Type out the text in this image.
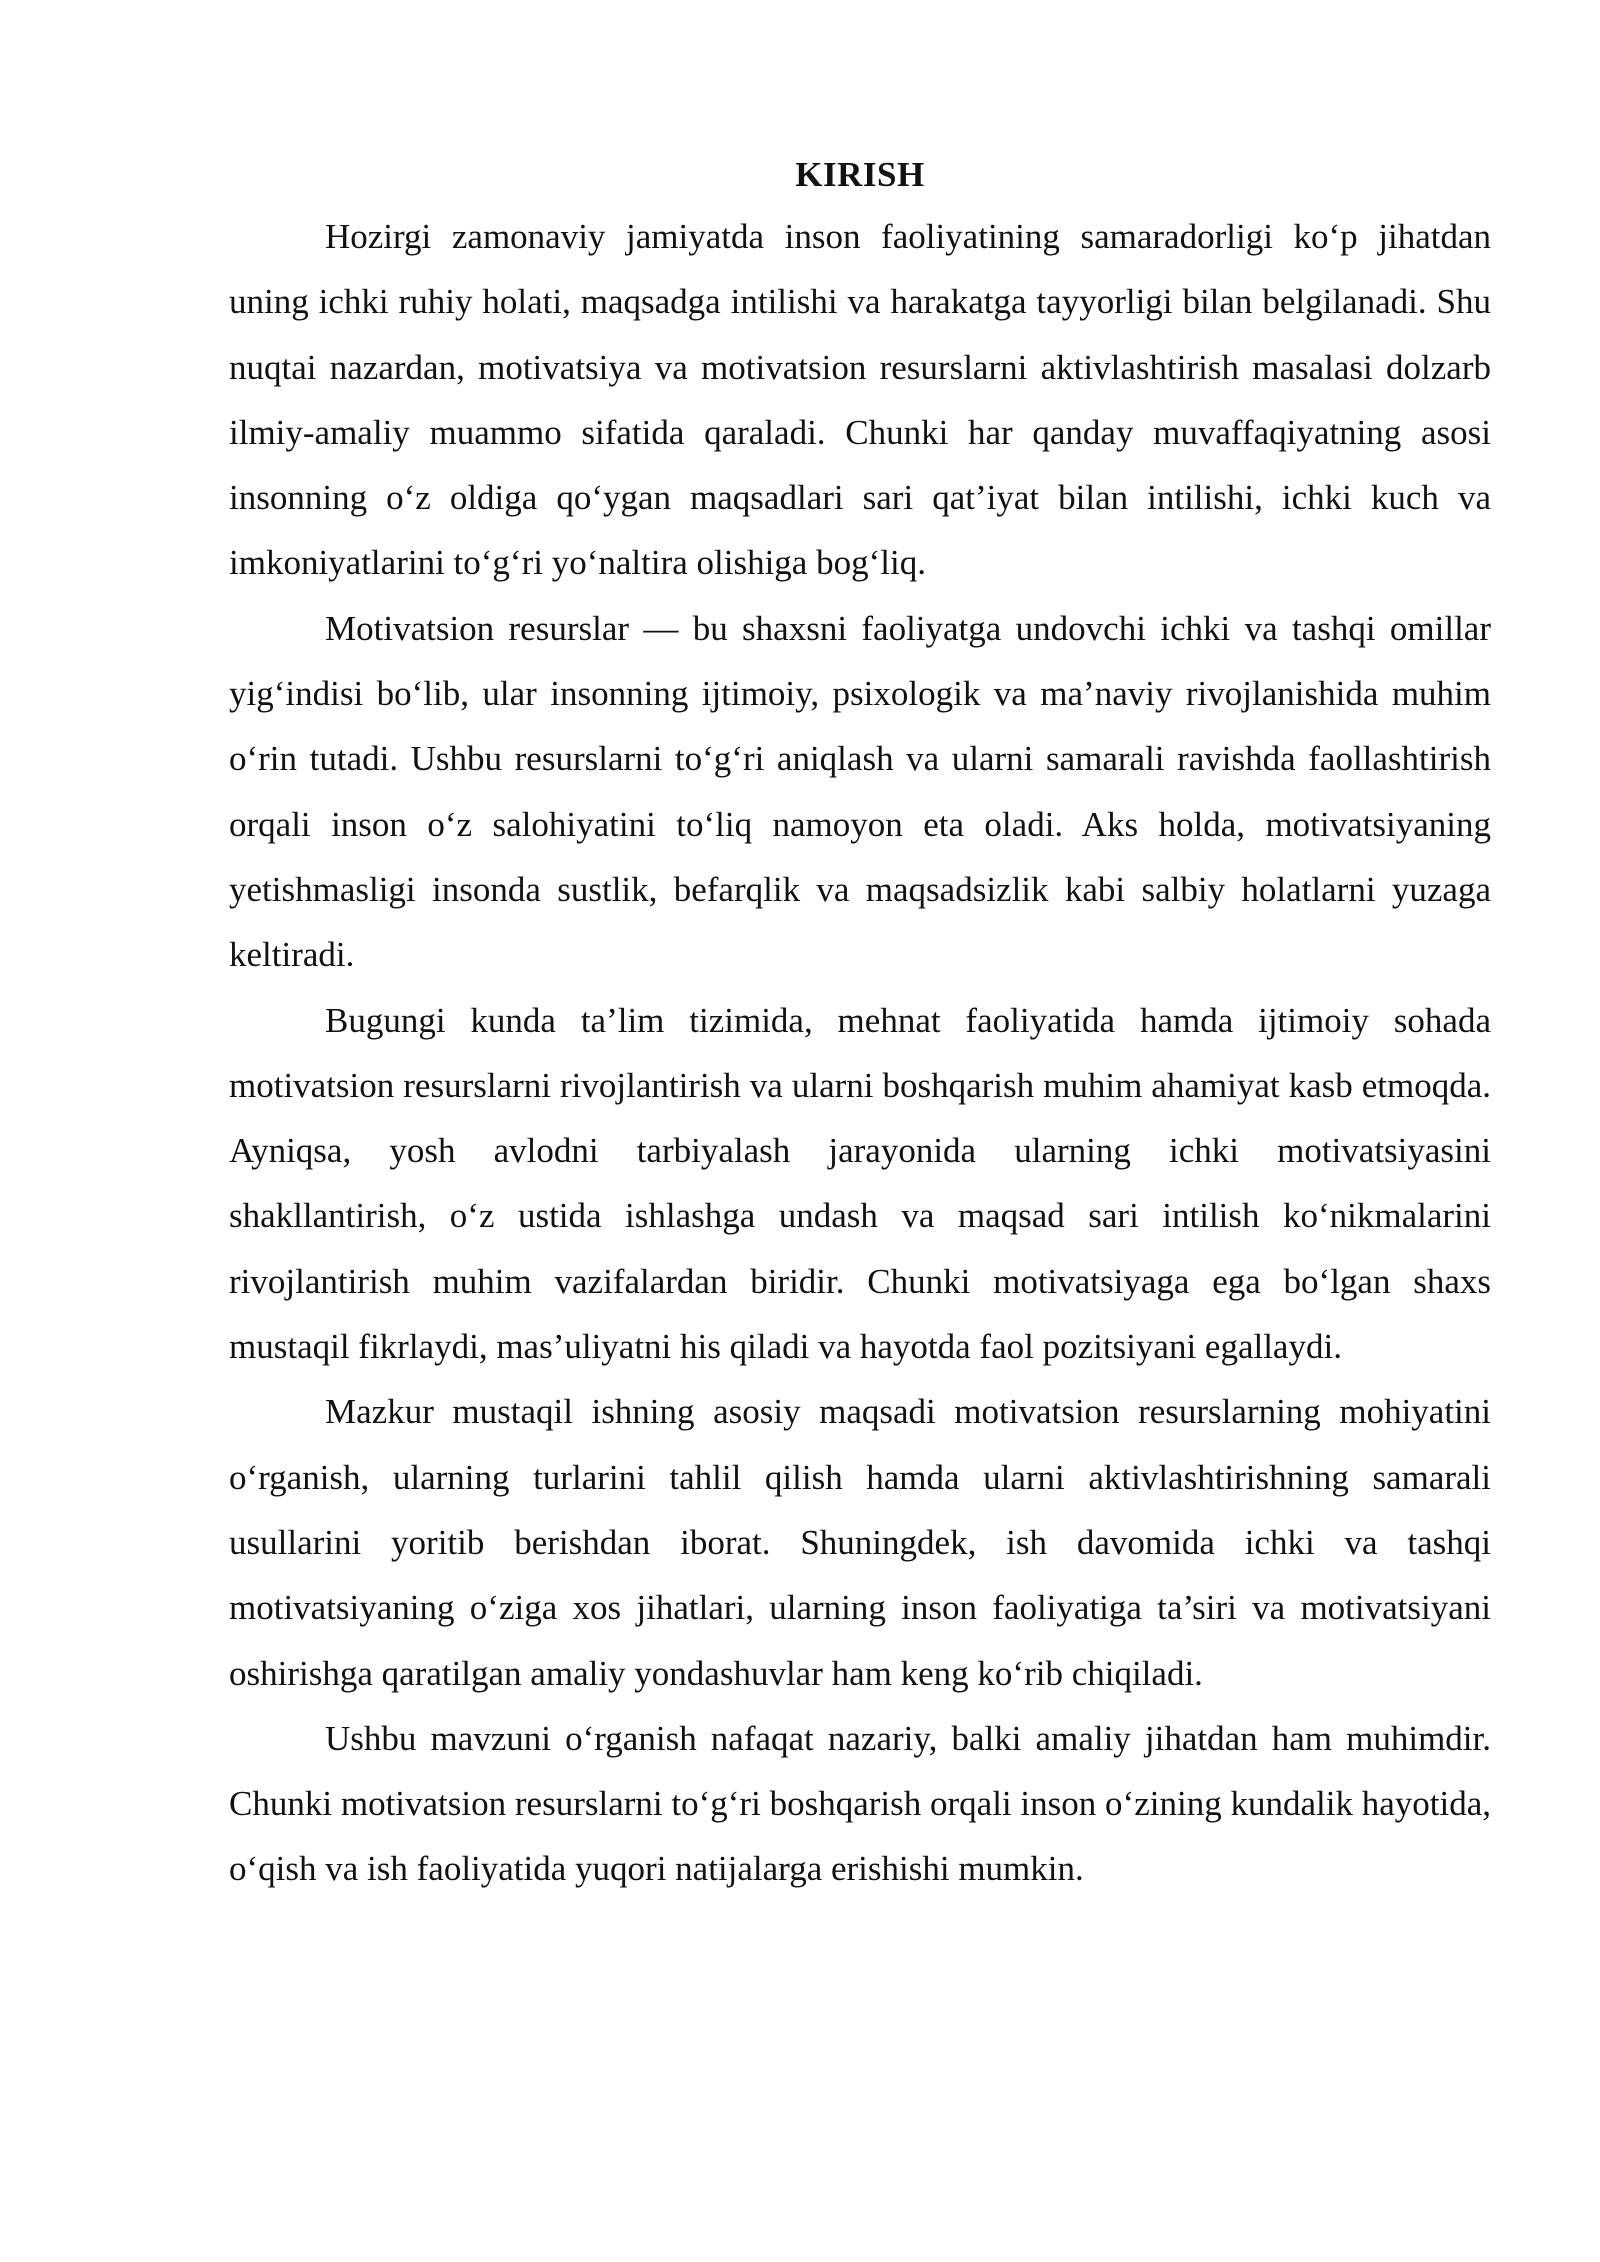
KIRISH

Hozirgi zamonaviy jamiyatda inson faoliyatining samaradorligi ko‘p jihatdan uning ichki ruhiy holati, maqsadga intilishi va harakatga tayyorligi bilan belgilanadi. Shu nuqtai nazardan, motivatsiya va motivatsion resurslarni aktivlashtirish masalasi dolzarb ilmiy-amaliy muammo sifatida qaraladi. Chunki har qanday muvaffaqiyatning asosi insonning o‘z oldiga qo‘ygan maqsadlari sari qat’iyat bilan intilishi, ichki kuch va imkoniyatlarini to‘g‘ri yo‘naltira olishiga bog‘liq.

Motivatsion resurslar — bu shaxsni faoliyatga undovchi ichki va tashqi omillar yig‘indisi bo‘lib, ular insonning ijtimoiy, psixologik va ma’naviy rivojlanishida muhim o‘rin tutadi. Ushbu resurslarni to‘g‘ri aniqlash va ularni samarali ravishda faollashtirish orqali inson o‘z salohiyatini to‘liq namoyon eta oladi. Aks holda, motivatsiyaning yetishmasligi insonda sustlik, befarqlik va maqsadsizlik kabi salbiy holatlarni yuzaga keltiradi.

Bugungi kunda ta’lim tizimida, mehnat faoliyatida hamda ijtimoiy sohada motivatsion resurslarni rivojlantirish va ularni boshqarish muhim ahamiyat kasb etmoqda. Ayniqsa, yosh avlodni tarbiyalash jarayonida ularning ichki motivatsiyasini shakllantirish, o‘z ustida ishlashga undash va maqsad sari intilish ko‘nikmalarini rivojlantirish muhim vazifalardan biridir. Chunki motivatsiyaga ega bo‘lgan shaxs mustaqil fikrlaydi, mas’uliyatni his qiladi va hayotda faol pozitsiyani egallaydi.

Mazkur mustaqil ishning asosiy maqsadi motivatsion resurslarning mohiyatini o‘rganish, ularning turlarini tahlil qilish hamda ularni aktivlashtirishning samarali usullarini yoritib berishdan iborat. Shuningdek, ish davomida ichki va tashqi motivatsiyaning o‘ziga xos jihatlari, ularning inson faoliyatiga ta’siri va motivatsiyani oshirishga qaratilgan amaliy yondashuvlar ham keng ko‘rib chiqiladi.

Ushbu mavzuni o‘rganish nafaqat nazariy, balki amaliy jihatdan ham muhimdir. Chunki motivatsion resurslarni to‘g‘ri boshqarish orqali inson o‘zining kundalik hayotida, o‘qish va ish faoliyatida yuqori natijalarga erishishi mumkin.
